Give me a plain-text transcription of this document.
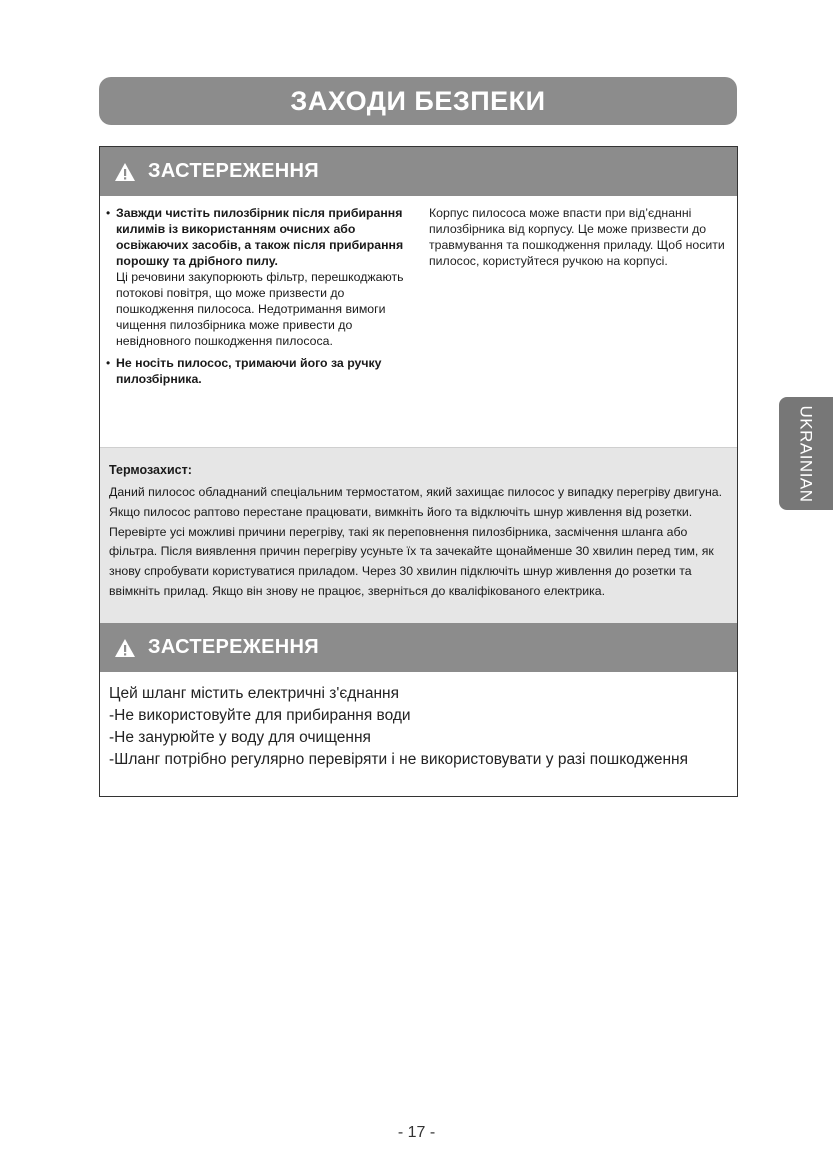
ЗАХОДИ БЕЗПЕКИ
UKRAINIAN
ЗАСТЕРЕЖЕННЯ
• Завжди чистіть пилозбірник після прибирання килимів із використанням очисних або освіжаючих засобів, а також після прибирання порошку та дрібного пилу.
Ці речовини закупорюють фільтр, перешкоджають потокові повітря, що може призвести до пошкодження пилососа. Недотримання вимоги чищення пилозбірника може привести до невідновного пошкодження пилососа.
• Не носіть пилосос, тримаючи його за ручку пилозбірника.
Корпус пилососа може впасти при від’єднанні пилозбірника від корпусу. Це може призвести до травмування та пошкодження приладу. Щоб носити пилосос, користуйтеся ручкою на корпусі.
Термозахист:
Даний пилосос обладнаний спеціальним термостатом, який захищає пилосос у випадку перегріву двигуна. Якщо пилосос раптово перестане працювати, вимкніть його та відключіть шнур живлення від розетки. Перевірте усі можливі причини перегріву, такі як переповнення пилозбірника, засмічення шланга або фільтра. Після виявлення причин перегріву усуньте їх та зачекайте щонайменше 30 хвилин перед тим, як знову спробувати користуватися приладом. Через 30 хвилин підключіть шнур живлення до розетки та ввімкніть прилад. Якщо він знову не працює, зверніться до кваліфікованого електрика.
ЗАСТЕРЕЖЕННЯ
Цей шланг містить електричні з'єднання
-Не використовуйте для прибирання води
-Не занурюйте у воду для очищення
-Шланг потрібно регулярно перевіряти і не використовувати у разі пошкодження
- 17 -
